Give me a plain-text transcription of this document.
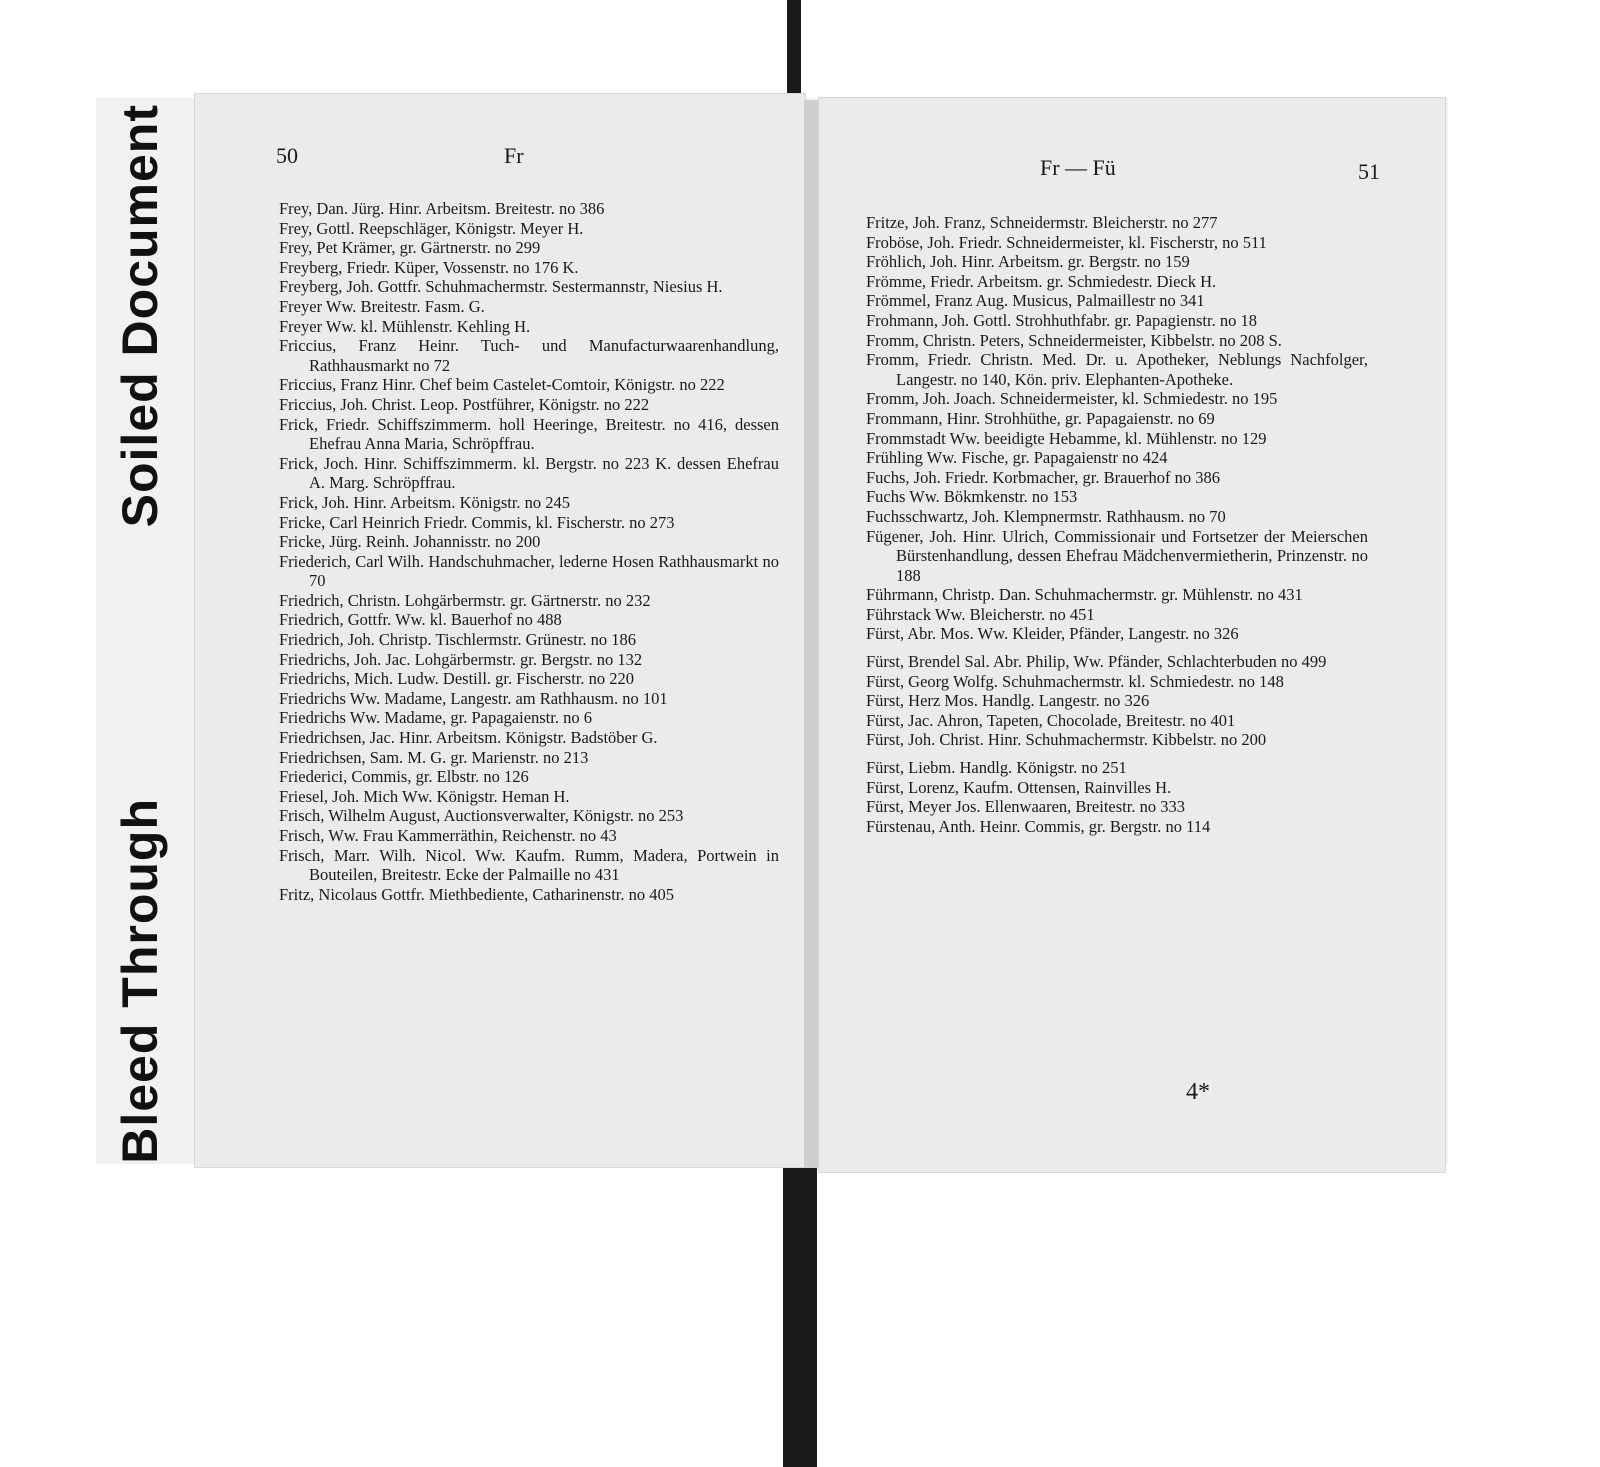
Soiled Document
Bleed Through
50	Fr
Frey, Dan. Jürg. Hinr. Arbeitsm. Breitestr. no 386
Frey, Gottl. Reepschläger, Königstr. Meyer H.
Frey, Pet Krämer, gr. Gärtnerstr. no 299
Freyberg, Friedr. Küper, Vossenstr. no 176 K.
Freyberg, Joh. Gottfr. Schuhmachermstr. Sestermannstr, Niesius H.
Freyer Ww. Breitestr. Fasm. G.
Freyer Ww. kl. Mühlenstr. Kehling H.
Friccius, Franz Heinr. Tuch- und Manufacturwaarenhandlung, Rathhausmarkt no 72
Friccius, Franz Hinr. Chef beim Castelet-Comtoir, Königstr. no 222
Friccius, Joh. Christ. Leop. Postführer, Königstr. no 222
Frick, Friedr. Schiffszimmerm. holl Heeringe, Breitestr. no 416, dessen Ehefrau Anna Maria, Schröpffrau.
Frick, Joch. Hinr. Schiffszimmerm. kl. Bergstr. no 223 K. dessen Ehefrau A. Marg. Schröpffrau.
Frick, Joh. Hinr. Arbeitsm. Königstr. no 245
Fricke, Carl Heinrich Friedr. Commis, kl. Fischerstr. no 273
Fricke, Jürg. Reinh. Johannisstr. no 200
Friederich, Carl Wilh. Handschuhmacher, lederne Hosen Rathhausmarkt no 70
Friedrich, Christn. Lohgärbermstr. gr. Gärtnerstr. no 232
Friedrich, Gottfr. Ww. kl. Bauerhof no 488
Friedrich, Joh. Christp. Tischlermstr. Grünestr. no 186
Friedrichs, Joh. Jac. Lohgärbermstr. gr. Bergstr. no 132
Friedrichs, Mich. Ludw. Destill. gr. Fischerstr. no 220
Friedrichs Ww. Madame, Langestr. am Rathhausm. no 101
Friedrichs Ww. Madame, gr. Papagaienstr. no 6
Friedrichsen, Jac. Hinr. Arbeitsm. Königstr. Badstöber G.
Friedrichsen, Sam. M. G. gr. Marienstr. no 213
Friederici, Commis, gr. Elbstr. no 126
Friesel, Joh. Mich Ww. Königstr. Heman H.
Frisch, Wilhelm August, Auctionsverwalter, Königstr. no 253
Frisch, Ww. Frau Kammerräthin, Reichenstr. no 43
Frisch, Marr. Wilh. Nicol. Ww. Kaufm. Rumm, Madera, Portwein in Bouteilen, Breitestr. Ecke der Palmaille no 431
Fritz, Nicolaus Gottfr. Miethbediente, Catharinenstr. no 405
Fr — Fü	51
Fritze, Joh. Franz, Schneidermstr. Bleicherstr. no 277
Froböse, Joh. Friedr. Schneidermeister, kl. Fischerstr, no 511
Fröhlich, Joh. Hinr. Arbeitsm. gr. Bergstr. no 159
Frömme, Friedr. Arbeitsm. gr. Schmiedestr. Dieck H.
Frömmel, Franz Aug. Musicus, Palmaillestr no 341
Frohmann, Joh. Gottl. Strohhuthfabr. gr. Papagienstr. no 18
Fromm, Christn. Peters, Schneidermeister, Kibbelstr. no 208 S.
Fromm, Friedr. Christn. Med. Dr. u. Apotheker, Neblungs Nachfolger, Langestr. no 140, Kön. priv. Elephanten-Apotheke.
Fromm, Joh. Joach. Schneidermeister, kl. Schmiedestr. no 195
Frommann, Hinr. Strohhüthe, gr. Papagaienstr. no 69
Frommstadt Ww. beeidigte Hebamme, kl. Mühlenstr. no 129
Frühling Ww. Fische, gr. Papagaienstr no 424
Fuchs, Joh. Friedr. Korbmacher, gr. Brauerhof no 386
Fuchs Ww. Bökmkenstr. no 153
Fuchsschwartz, Joh. Klempnermstr. Rathhausm. no 70
Fügener, Joh. Hinr. Ulrich, Commissionair und Fortsetzer der Meierschen Bürstenhandlung, dessen Ehefrau Mädchenvermietherin, Prinzenstr. no 188
Führmann, Christp. Dan. Schuhmachermstr. gr. Mühlenstr. no 431
Führstack Ww. Bleicherstr. no 451
Fürst, Abr. Mos. Ww. Kleider, Pfänder, Langestr. no 326
Fürst, Brendel Sal. Abr. Philip, Ww. Pfänder, Schlachterbuden no 499
Fürst, Georg Wolfg. Schuhmachermstr. kl. Schmiedestr. no 148
Fürst, Herz Mos. Handlg. Langestr. no 326
Fürst, Jac. Ahron, Tapeten, Chocolade, Breitestr. no 401
Fürst, Joh. Christ. Hinr. Schuhmachermstr. Kibbelstr. no 200
Fürst, Liebm. Handlg. Königstr. no 251
Fürst, Lorenz, Kaufm. Ottensen, Rainvilles H.
Fürst, Meyer Jos. Ellenwaaren, Breitestr. no 333
Fürstenau, Anth. Heinr. Commis, gr. Bergstr. no 114
4*
